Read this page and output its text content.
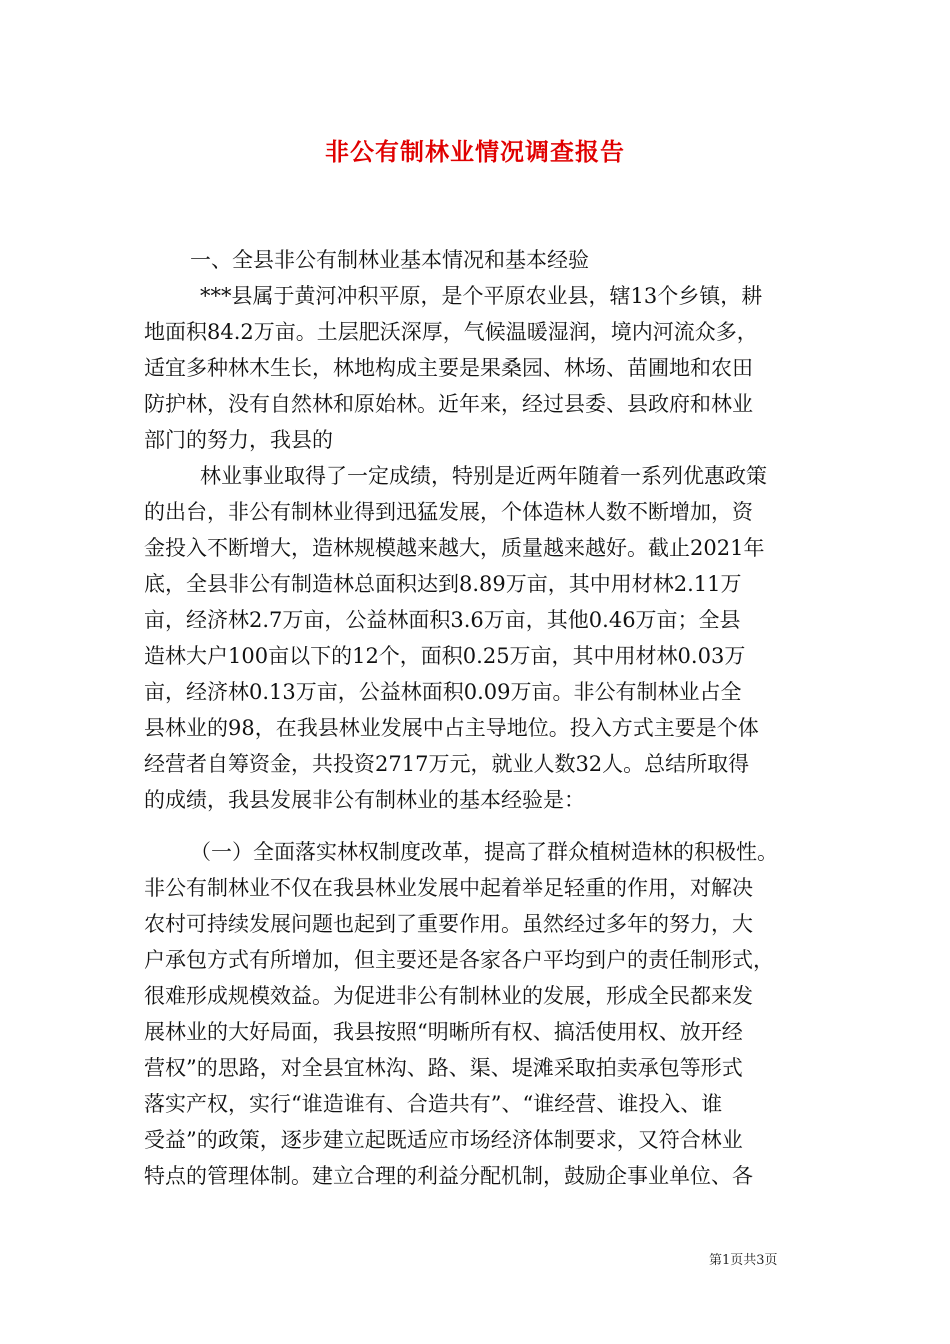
非公有制林业情况调查报告
一、全县非公有制林业基本情况和基本经验
***县属于黄河冲积平原，是个平原农业县，辖13个乡镇，耕
地面积84.2万亩。土层肥沃深厚，气候温暖湿润，境内河流众多，
适宜多种林木生长，林地构成主要是果桑园、林场、苗圃地和农田
防护林，没有自然林和原始林。近年来，经过县委、县政府和林业
部门的努力，我县的
林业事业取得了一定成绩，特别是近两年随着一系列优惠政策
的出台，非公有制林业得到迅猛发展，个体造林人数不断增加，资
金投入不断增大，造林规模越来越大，质量越来越好。截止2021年
底，全县非公有制造林总面积达到8.89万亩，其中用材林2.11万
亩，经济林2.7万亩，公益林面积3.6万亩，其他0.46万亩；全县
造林大户100亩以下的12个，面积0.25万亩，其中用材林0.03万
亩，经济林0.13万亩，公益林面积0.09万亩。非公有制林业占全
县林业的98，在我县林业发展中占主导地位。投入方式主要是个体
经营者自筹资金，共投资2717万元，就业人数32人。总结所取得
的成绩，我县发展非公有制林业的基本经验是：
（一）全面落实林权制度改革，提高了群众植树造林的积极性。
非公有制林业不仅在我县林业发展中起着举足轻重的作用，对解决
农村可持续发展问题也起到了重要作用。虽然经过多年的努力，大
户承包方式有所增加，但主要还是各家各户平均到户的责任制形式，
很难形成规模效益。为促进非公有制林业的发展，形成全民都来发
展林业的大好局面，我县按照“明晰所有权、搞活使用权、放开经
营权”的思路，对全县宜林沟、路、渠、堤滩采取拍卖承包等形式
落实产权，实行“谁造谁有、合造共有”、“谁经营、谁投入、谁
受益”的政策，逐步建立起既适应市场经济体制要求，又符合林业
特点的管理体制。建立合理的利益分配机制，鼓励企事业单位、各
第1页共3页
